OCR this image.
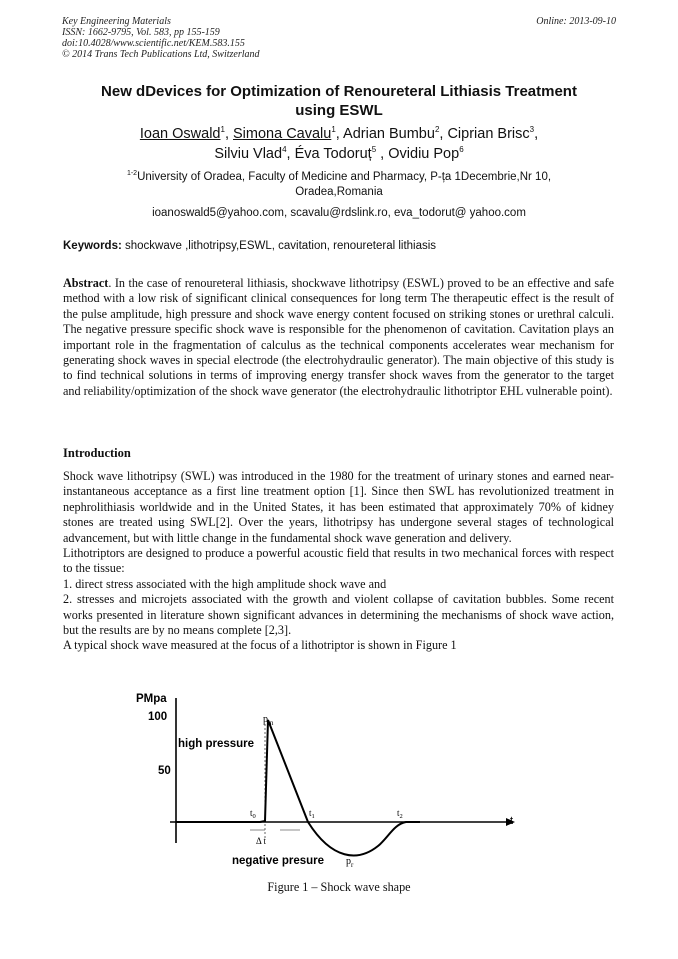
Key Engineering Materials
ISSN: 1662-9795, Vol. 583, pp 155-159
doi:10.4028/www.scientific.net/KEM.583.155
© 2014 Trans Tech Publications Ltd, Switzerland
Online: 2013-09-10
New dDevices for Optimization of Renoureteral Lithiasis Treatment
using ESWL
Ioan Oswald$^1$, Simona Cavalu$^1$, Adrian Bumbu$^2$, Ciprian Brisc$^3$,
Silviu Vlad$^4$, Éva Todoruț$^5$ , Ovidiu Pop$^6$
$^{1-2}$University of Oradea, Faculty of Medicine and Pharmacy, P-ța 1Decembrie,Nr 10,
Oradea,Romania
ioanoswald5@yahoo.com, scavalu@rdslink.ro, eva_todorut@ yahoo.com
Keywords: shockwave ,lithotripsy,ESWL, cavitation, renoureteral lithiasis
Abstract. In the case of renoureteral lithiasis, shockwave lithotripsy (ESWL) proved to be an effective and safe method with a low risk of significant clinical consequences for long term The therapeutic effect is the result of the pulse amplitude, high pressure and shock wave energy content focused on striking stones or urethral calculi. The negative pressure specific shock wave is responsible for the phenomenon of cavitation. Cavitation plays an important role in the fragmentation of calculus as the technical components accelerates wear mechanism for generating shock waves in special electrode (the electrohydraulic generator). The main objective of this study is to find technical solutions in terms of improving energy transfer shock waves from the generator to the target and reliability/optimization of the shock wave generator (the electrohydraulic lithotriptor EHL vulnerable point).
Introduction

Shock wave lithotripsy (SWL) was introduced in the 1980 for the treatment of urinary stones and earned near-instantaneous acceptance as a first line treatment option [1]. Since then SWL has revolutionized treatment in nephrolithiasis worldwide and in the United States, it has been estimated that approximately 70% of kidney stones are treated using SWL[2]. Over the years, lithotripsy has undergone several stages of technological advancement, but with little change in the fundamental shock wave generation and delivery.

Lithotriptors are designed to produce a powerful acoustic field that results in two mechanical forces with respect to the tissue:

1. direct stress associated with the high amplitude shock wave and

2. stresses and microjets associated with the growth and violent collapse of cavitation bubbles. Some recent works presented in literature shown significant advances in determining the mechanisms of shock wave action, but the results are by no means complete [2,3].

A typical shock wave measured at the focus of a lithotriptor is shown in Figure 1

PMpa
100
50
high pressure
negative presure
t
$p_m$
$p_r$
$t_0$	$t_1$	$t_2$
Δ t
Figure 1 – Shock wave shape
